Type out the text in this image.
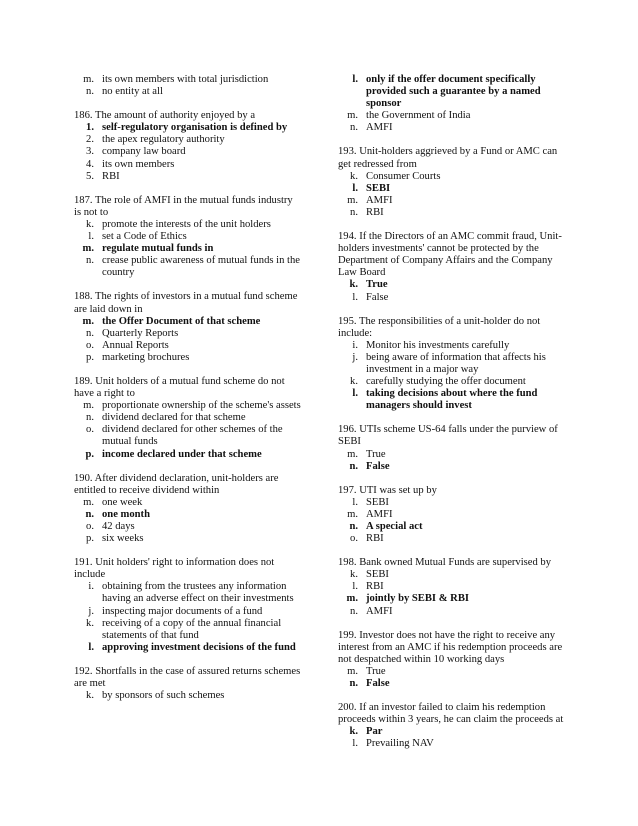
m. its own members with total jurisdiction
n. no entity at all

186. The amount of authority enjoyed by a

1. self-regulatory organisation is defined by
2. the apex regulatory authority
3. company law board
4. its own members
5. RBI

187. The role of AMFI in the mutual funds industry is not to

k. promote the interests of the unit holders
l. set a Code of Ethics
m. regulate mutual funds in
n. crease public awareness of mutual funds in the country

188. The rights of investors in a mutual fund scheme are laid down in

m. the Offer Document of that scheme
n. Quarterly Reports
o. Annual Reports
p. marketing brochures

189. Unit holders of a mutual fund scheme do not have a right to

m. proportionate ownership of the scheme's assets
n. dividend declared for that scheme
o. dividend declared for other schemes of the mutual funds
p. income declared under that scheme

190. After dividend declaration, unit-holders are entitled to receive dividend within

m. one week
n. one month
o. 42 days
p. six weeks

191. Unit holders' right to information does not include

i. obtaining from the trustees any information having an adverse effect on their investments
j. inspecting major documents of a fund
k. receiving of a copy of the annual financial statements of that fund
l. approving investment decisions of the fund

192. Shortfalls in the case of assured returns schemes are met

k. by sponsors of such schemes
l. only if the offer document specifically provided such a guarantee by a named sponsor
m. the Government of India
n. AMFI

193. Unit-holders aggrieved by a Fund or AMC can get redressed from

k. Consumer Courts
l. SEBI
m. AMFI
n. RBI

194. If the Directors of an AMC commit fraud, Unit-holders investments' cannot be protected by the Department of Company Affairs and the Company Law Board

k. True
l. False

195. The responsibilities of a unit-holder do not include:

i. Monitor his investments carefully
j. being aware of information that affects his investment in a major way
k. carefully studying the offer document
l. taking decisions about where the fund managers should invest

196. UTIs scheme US-64 falls under the purview of SEBI

m. True
n. False

197. UTI was set up by

l. SEBI
m. AMFI
n. A special act
o. RBI

198. Bank owned Mutual Funds are supervised by

k. SEBI
l. RBI
m. jointly by SEBI & RBI
n. AMFI

199. Investor does not have the right to receive any interest from an AMC if his redemption proceeds are not despatched within 10 working days

m. True
n. False

200. If an investor failed to claim his redemption proceeds within 3 years, he can claim the proceeds at

k. Par
l. Prevailing NAV
